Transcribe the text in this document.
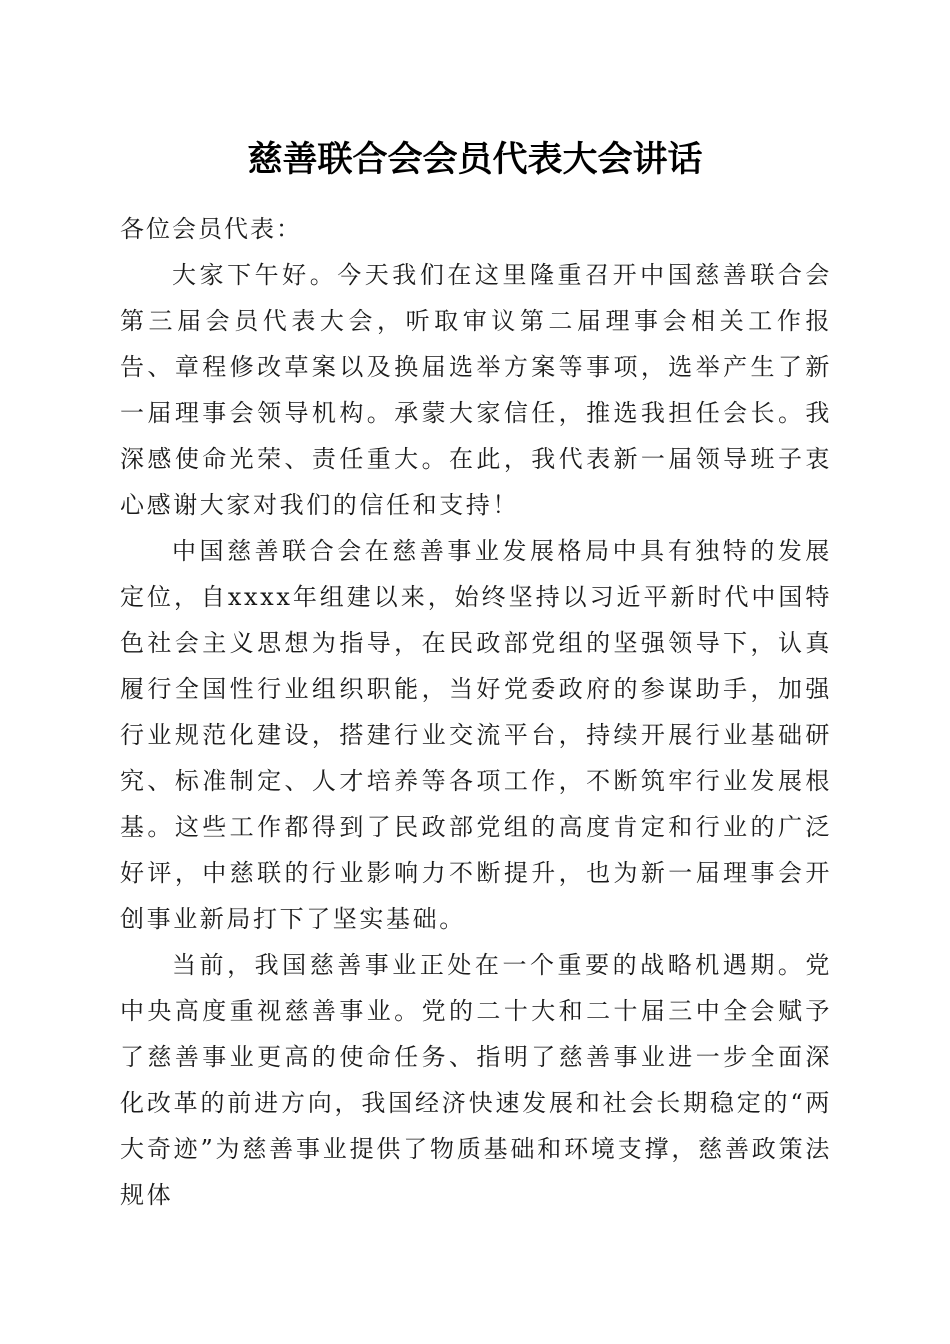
慈善联合会会员代表大会讲话

各位会员代表：

大家下午好。今天我们在这里隆重召开中国慈善联合会第三届会员代表大会，听取审议第二届理事会相关工作报告、章程修改草案以及换届选举方案等事项，选举产生了新一届理事会领导机构。承蒙大家信任，推选我担任会长。我深感使命光荣、责任重大。在此，我代表新一届领导班子衷心感谢大家对我们的信任和支持！

中国慈善联合会在慈善事业发展格局中具有独特的发展定位，自xxxx年组建以来，始终坚持以习近平新时代中国特色社会主义思想为指导，在民政部党组的坚强领导下，认真履行全国性行业组织职能，当好党委政府的参谋助手，加强行业规范化建设，搭建行业交流平台，持续开展行业基础研究、标准制定、人才培养等各项工作，不断筑牢行业发展根基。这些工作都得到了民政部党组的高度肯定和行业的广泛好评，中慈联的行业影响力不断提升，也为新一届理事会开创事业新局打下了坚实基础。

当前，我国慈善事业正处在一个重要的战略机遇期。党中央高度重视慈善事业。党的二十大和二十届三中全会赋予了慈善事业更高的使命任务、指明了慈善事业进一步全面深化改革的前进方向，我国经济快速发展和社会长期稳定的“两大奇迹”为慈善事业提供了物质基础和环境支撑，慈善政策法规体
